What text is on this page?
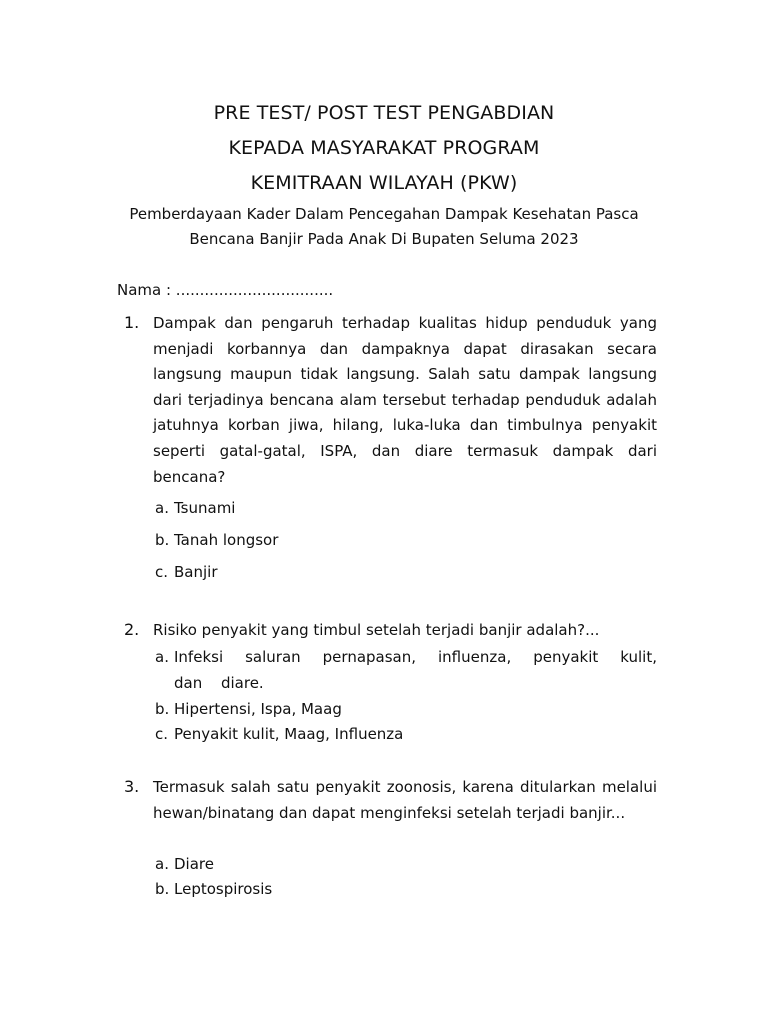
PRE TEST/ POST TEST PENGABDIAN
KEPADA MASYARAKAT PROGRAM
KEMITRAAN WILAYAH (PKW)
Pemberdayaan Kader Dalam Pencegahan Dampak Kesehatan Pasca
Bencana Banjir Pada Anak Di Bupaten Seluma 2023
Nama : .................................
1. Dampak dan pengaruh terhadap kualitas hidup penduduk yang menjadi korbannya dan dampaknya dapat dirasakan secara langsung maupun tidak langsung. Salah satu dampak langsung dari terjadinya bencana alam tersebut terhadap penduduk adalah jatuhnya korban jiwa, hilang, luka-luka dan timbulnya penyakit seperti gatal-gatal, ISPA, dan diare termasuk dampak dari bencana?
a. Tsunami
b. Tanah longsor
c. Banjir
2. Risiko penyakit yang timbul setelah terjadi banjir adalah?...
a. Infeksi saluran pernapasan, influenza, penyakit kulit, dan diare.
b. Hipertensi, Ispa, Maag
c. Penyakit kulit, Maag, Influenza
3. Termasuk salah satu penyakit zoonosis, karena ditularkan melalui hewan/binatang dan dapat menginfeksi setelah terjadi banjir...
a. Diare
b. Leptospirosis
